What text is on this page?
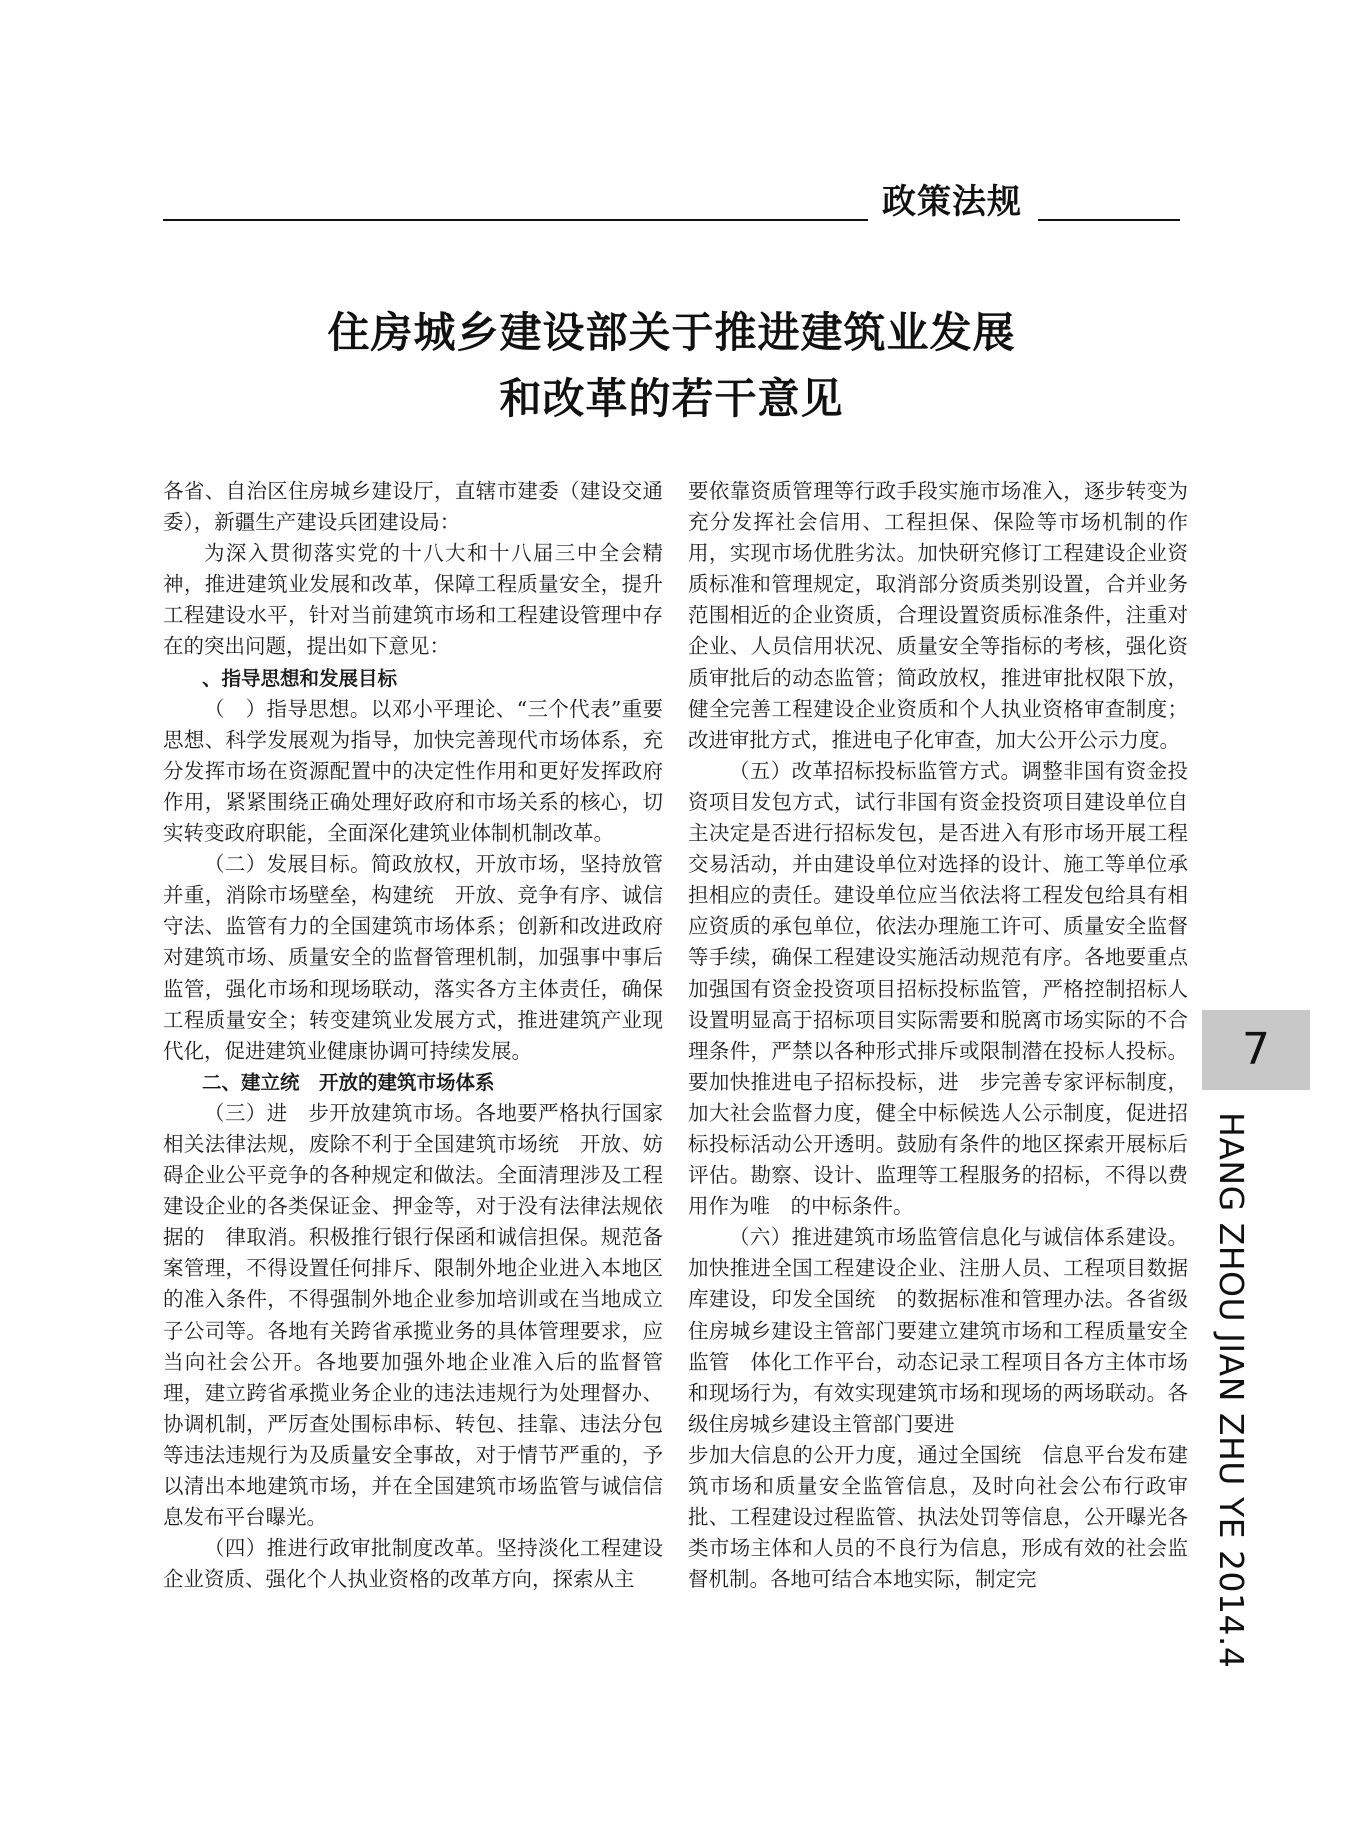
政策法规
住房城乡建设部关于推进建筑业发展
和改革的若干意见

各省、自治区住房城乡建设厅，直辖市建委（建设交通委），新疆生产建设兵团建设局：

为深入贯彻落实党的十八大和十八届三中全会精神，推进建筑业发展和改革，保障工程质量安全，提升工程建设水平，针对当前建筑市场和工程建设管理中存在的突出问题，提出如下意见：

、指导思想和发展目标

（　）指导思想。以邓小平理论、“三个代表”重要思想、科学发展观为指导，加快完善现代市场体系，充分发挥市场在资源配置中的决定性作用和更好发挥政府作用，紧紧围绕正确处理好政府和市场关系的核心，切实转变政府职能，全面深化建筑业体制机制改革。

（二）发展目标。简政放权，开放市场，坚持放管并重，消除市场壁垒，构建统　开放、竞争有序、诚信守法、监管有力的全国建筑市场体系；创新和改进政府对建筑市场、质量安全的监督管理机制，加强事中事后监管，强化市场和现场联动，落实各方主体责任，确保工程质量安全；转变建筑业发展方式，推进建筑产业现代化，促进建筑业健康协调可持续发展。

二、建立统　开放的建筑市场体系

（三）进　步开放建筑市场。各地要严格执行国家相关法律法规，废除不利于全国建筑市场统　开放、妨碍企业公平竞争的各种规定和做法。全面清理涉及工程建设企业的各类保证金、押金等，对于没有法律法规依据的　律取消。积极推行银行保函和诚信担保。规范备案管理，不得设置任何排斥、限制外地企业进入本地区的准入条件，不得强制外地企业参加培训或在当地成立子公司等。各地有关跨省承揽业务的具体管理要求，应当向社会公开。各地要加强外地企业准入后的监督管理，建立跨省承揽业务企业的违法违规行为处理督办、协调机制，严厉查处围标串标、转包、挂靠、违法分包等违法违规行为及质量安全事故，对于情节严重的，予以清出本地建筑市场，并在全国建筑市场监管与诚信信息发布平台曝光。

（四）推进行政审批制度改革。坚持淡化工程建设企业资质、强化个人执业资格的改革方向，探索从主

要依靠资质管理等行政手段实施市场准入，逐步转变为充分发挥社会信用、工程担保、保险等市场机制的作用，实现市场优胜劣汰。加快研究修订工程建设企业资质标准和管理规定，取消部分资质类别设置，合并业务范围相近的企业资质，合理设置资质标准条件，注重对企业、人员信用状况、质量安全等指标的考核，强化资质审批后的动态监管；简政放权，推进审批权限下放，健全完善工程建设企业资质和个人执业资格审查制度；改进审批方式，推进电子化审查，加大公开公示力度。

（五）改革招标投标监管方式。调整非国有资金投资项目发包方式，试行非国有资金投资项目建设单位自主决定是否进行招标发包，是否进入有形市场开展工程交易活动，并由建设单位对选择的设计、施工等单位承担相应的责任。建设单位应当依法将工程发包给具有相应资质的承包单位，依法办理施工许可、质量安全监督等手续，确保工程建设实施活动规范有序。各地要重点加强国有资金投资项目招标投标监管，严格控制招标人设置明显高于招标项目实际需要和脱离市场实际的不合理条件，严禁以各种形式排斥或限制潜在投标人投标。要加快推进电子招标投标，进　步完善专家评标制度，加大社会监督力度，健全中标候选人公示制度，促进招标投标活动公开透明。鼓励有条件的地区探索开展标后评估。勘察、设计、监理等工程服务的招标，不得以费用作为唯　的中标条件。

（六）推进建筑市场监管信息化与诚信体系建设。加快推进全国工程建设企业、注册人员、工程项目数据库建设，印发全国统　的数据标准和管理办法。各省级住房城乡建设主管部门要建立建筑市场和工程质量安全监管　体化工作平台，动态记录工程项目各方主体市场和现场行为，有效实现建筑市场和现场的两场联动。各级住房城乡建设主管部门要进

步加大信息的公开力度，通过全国统　信息平台发布建筑市场和质量安全监管信息，及时向社会公布行政审批、工程建设过程监管、执法处罚等信息，公开曝光各类市场主体和人员的不良行为信息，形成有效的社会监督机制。各地可结合本地实际，制定完

7
HANG ZHOU JIAN ZHU YE 2014.4
